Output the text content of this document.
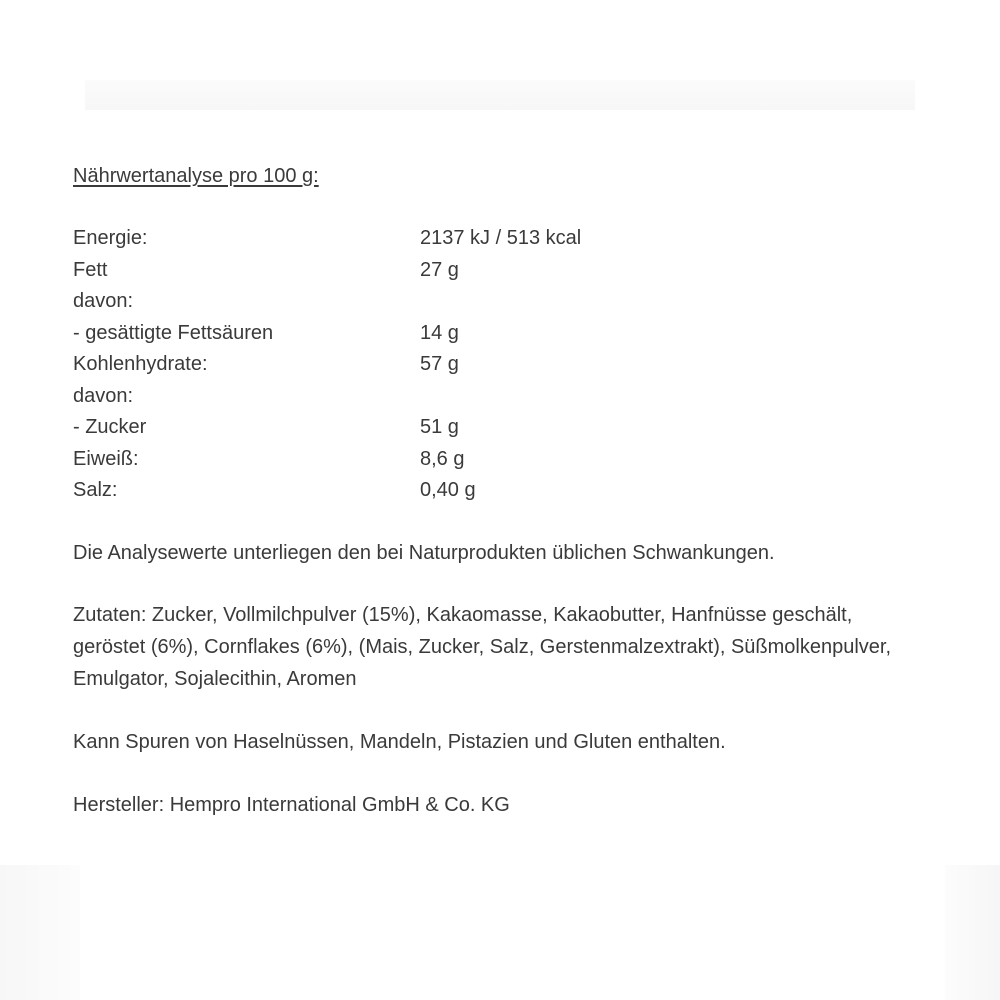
Nährwertanalyse pro 100 g:
Energie:	2137 kJ / 513 kcal
Fett	27 g
davon:
- gesättigte Fettsäuren	14 g
Kohlenhydrate:	57 g
davon:
- Zucker	51 g
Eiweiß:	8,6 g
Salz:	0,40 g

Die Analysewerte unterliegen den bei Naturprodukten üblichen Schwankungen.

Zutaten: Zucker, Vollmilchpulver (15%), Kakaomasse, Kakaobutter, Hanfnüsse geschält,
geröstet (6%), Cornflakes (6%), (Mais, Zucker, Salz, Gerstenmalzextrakt), Süßmolkenpulver,
Emulgator, Sojalecithin, Aromen

Kann Spuren von Haselnüssen, Mandeln, Pistazien und Gluten enthalten.

Hersteller: Hempro International GmbH & Co. KG
